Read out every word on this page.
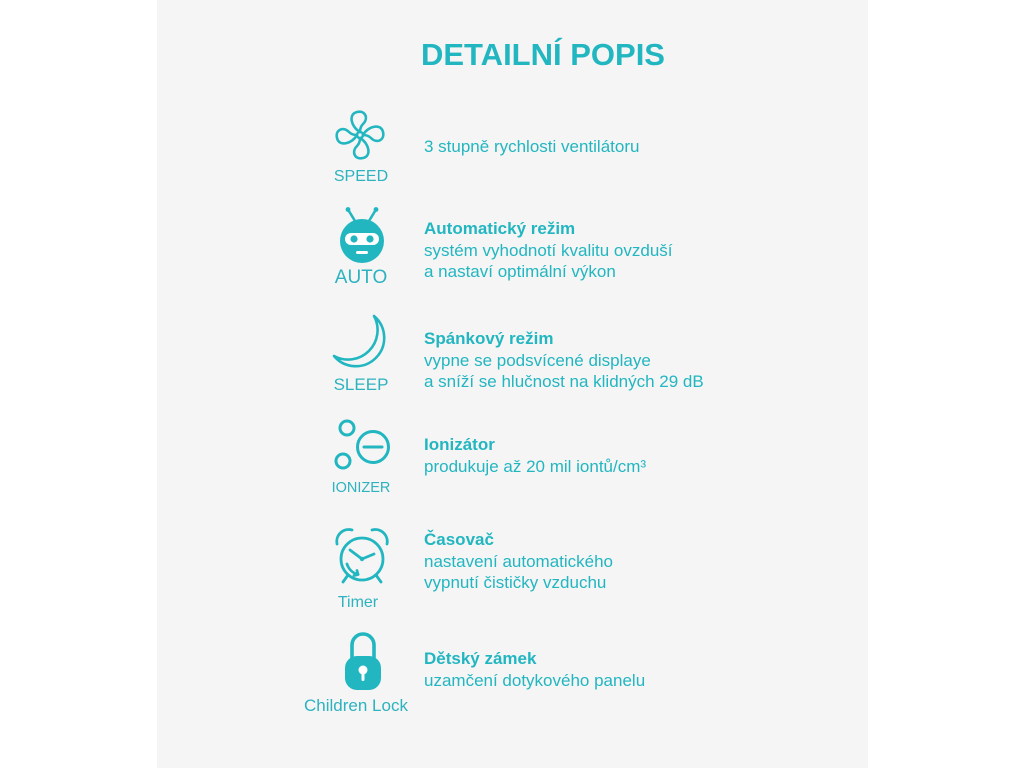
DETAILNÍ POPIS
SPEED
3 stupně rychlosti ventilátoru
AUTO
Automatický režim
systém vyhodnotí kvalitu ovzduší
a nastaví optimální výkon
SLEEP
Spánkový režim
vypne se podsvícené displaye
a sníží se hlučnost na klidných 29 dB
IONIZER
Ionizátor
produkuje až 20 mil iontů/cm³
Timer
Časovač
nastavení automatického
vypnutí čističky vzduchu
Children Lock
Dětský zámek
uzamčení dotykového panelu
